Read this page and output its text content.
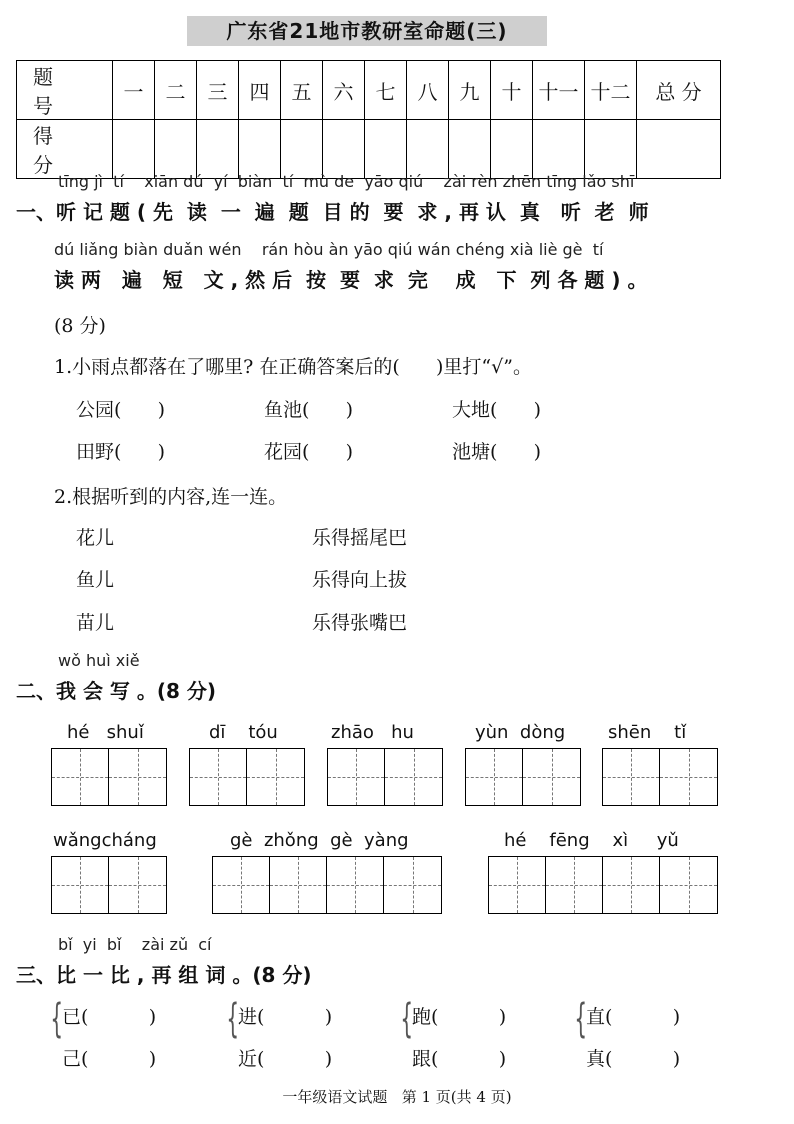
广东省21地市教研室命题(三)
题号	一	二	三	四	五	六	七	八	九	十	十一	十二	总 分
得分													
tīng jì  tí    xiān dú  yí  biàn  tí  mù de  yāo qiú    zài rèn zhēn tīng lǎo shī
一、听 记 题 ( 先  读  一  遍  题  目 的  要  求 , 再 认  真   听  老  师
dú liǎng biàn duǎn wén    rán hòu àn yāo qiú wán chéng xià liè gè  tí
读 两   遍   短   文 , 然 后  按  要  求  完    成   下  列 各 题 ) 。
(8 分)
1.小雨点都落在了哪里? 在正确答案后的(      )里打“√”。
公园(      )	鱼池(      )	大地(      )
田野(      )	花园(      )	池塘(      )
2.根据听到的内容,连一连。
花儿
鱼儿
苗儿
乐得摇尾巴
乐得向上拔
乐得张嘴巴
wǒ huì xiě
二、我 会 写 。(8 分)
hé   shuǐ	dī    tóu	zhāo   hu	yùn  dòng shēn    tǐ
wǎngcháng	gè  zhǒng  gè  yàng	hé    fēng    xì     yǔ
bǐ  yi  bǐ    zài zǔ  cí
三、比 一 比 , 再 组 词 。(8 分)
{
已(          )
己(          )
{
进(          )
近(          )
{
跑(          )
跟(          )
{
直(          )
真(          )
一年级语文试题   第 1 页(共 4 页)
